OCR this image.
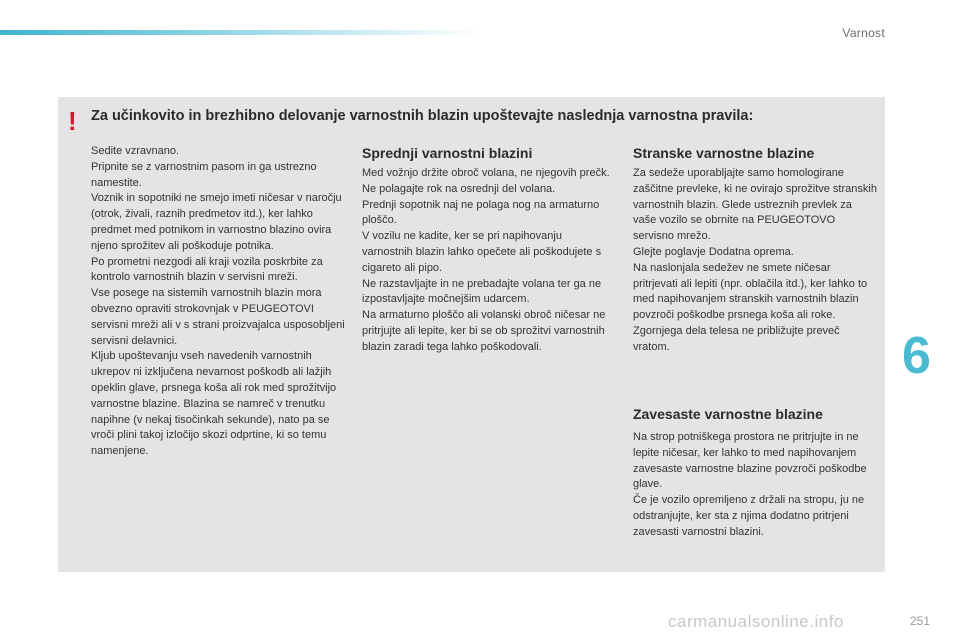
Varnost
! Za učinkovito in brezhibno delovanje varnostnih blazin upoštevajte naslednja varnostna pravila:

Sedite vzravnano.

Pripnite se z varnostnim pasom in ga ustrezno namestite.

Voznik in sopotniki ne smejo imeti ničesar v naročju (otrok, živali, raznih predmetov itd.), ker lahko predmet med potnikom in varnostno blazino ovira njeno sprožitev ali poškoduje potnika.

Po prometni nezgodi ali kraji vozila poskrbite za kontrolo varnostnih blazin v servisni mreži.

Vse posege na sistemih varnostnih blazin mora obvezno opraviti strokovnjak v PEUGEOTOVI servisni mreži ali v s strani proizvajalca usposobljeni servisni delavnici.

Kljub upoštevanju vseh navedenih varnostnih ukrepov ni izključena nevarnost poškodb ali lažjih opeklin glave, prsnega koša ali rok med sprožitvijo varnostne blazine. Blazina se namreč v trenutku napihne (v nekaj tisočinkah sekunde), nato pa se vroči plini takoj izločijo skozi odprtine, ki so temu namenjene.

Sprednji varnostni blazini

Med vožnjo držite obroč volana, ne njegovih prečk. Ne polagajte rok na osrednji del volana.

Prednji sopotnik naj ne polaga nog na armaturno ploščo.

V vozilu ne kadite, ker se pri napihovanju varnostnih blazin lahko opečete ali poškodujete s cigareto ali pipo.

Ne razstavljajte in ne prebadajte volana ter ga ne izpostavljajte močnejšim udarcem.

Na armaturno ploščo ali volanski obroč ničesar ne pritrjujte ali lepite, ker bi se ob sprožitvi varnostnih blazin zaradi tega lahko poškodovali.

Stranske varnostne blazine

Za sedeže uporabljajte samo homologirane zaščitne prevleke, ki ne ovirajo sprožitve stranskih varnostnih blazin. Glede ustreznih prevlek za vaše vozilo se obrnite na PEUGEOTOVO servisno mrežo.

Glejte poglavje Dodatna oprema.

Na naslonjala sedežev ne smete ničesar pritrjevati ali lepiti (npr. oblačila itd.), ker lahko to med napihovanjem stranskih varnostnih blazin povzroči poškodbe prsnega koša ali roke.

Zgornjega dela telesa ne približujte preveč vratom.

Zavesaste varnostne blazine

Na strop potniškega prostora ne pritrjujte in ne lepite ničesar, ker lahko to med napihovanjem zavesaste varnostne blazine povzroči poškodbe glave.

Če je vozilo opremljeno z držali na stropu, ju ne odstranjujte, ker sta z njima dodatno pritrjeni zavesasti varnostni blazini.

6
carmanualsonline.info	251
